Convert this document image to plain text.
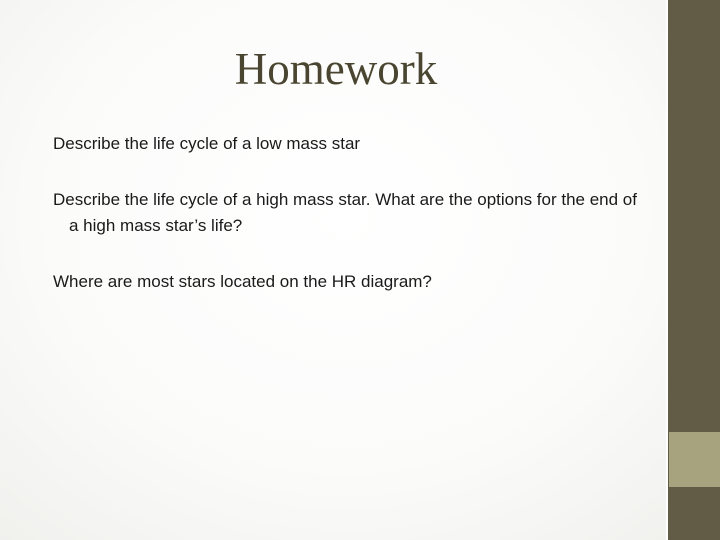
Homework

Describe the life cycle of a low mass star

Describe the life cycle of a high mass star. What are the options for the end of a high mass star’s life?

Where are most stars located on the HR diagram?
